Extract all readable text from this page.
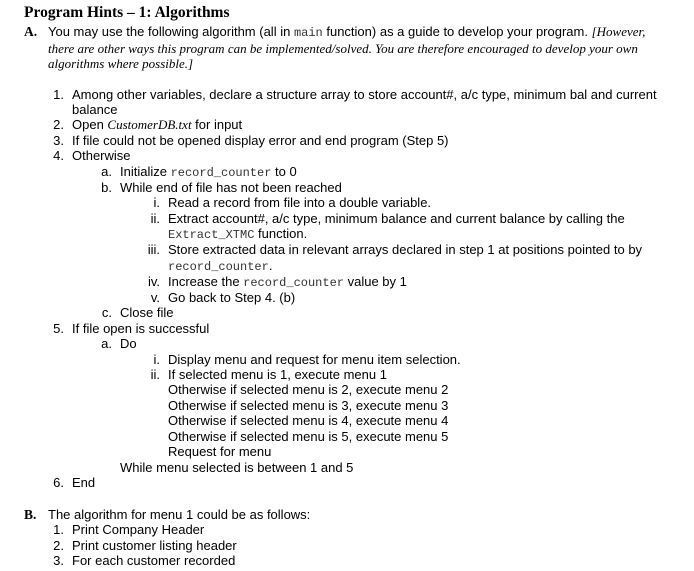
Program Hints – 1: Algorithms
A. You may use the following algorithm (all in main function) as a guide to develop your program. [However,
there are other ways this program can be implemented/solved. You are therefore encouraged to develop your own
algorithms where possible.]
1. Among other variables, declare a structure array to store account#, a/c type, minimum bal and current
balance
2. Open CustomerDB.txt for input
3. If file could not be opened display error and end program (Step 5)
4. Otherwise
a. Initialize record_counter to 0
b. While end of file has not been reached
i. Read a record from file into a double variable.
ii. Extract account#, a/c type, minimum balance and current balance by calling the
Extract_XTMC function.
iii. Store extracted data in relevant arrays declared in step 1 at positions pointed to by
record_counter.
iv. Increase the record_counter value by 1
v. Go back to Step 4. (b)
c. Close file
5. If file open is successful
a. Do
i. Display menu and request for menu item selection.
ii. If selected menu is 1, execute menu 1
Otherwise if selected menu is 2, execute menu 2
Otherwise if selected menu is 3, execute menu 3
Otherwise if selected menu is 4, execute menu 4
Otherwise if selected menu is 5, execute menu 5
Request for menu
While menu selected is between 1 and 5
6. End
B. The algorithm for menu 1 could be as follows:
1. Print Company Header
2. Print customer listing header
3. For each customer recorded
